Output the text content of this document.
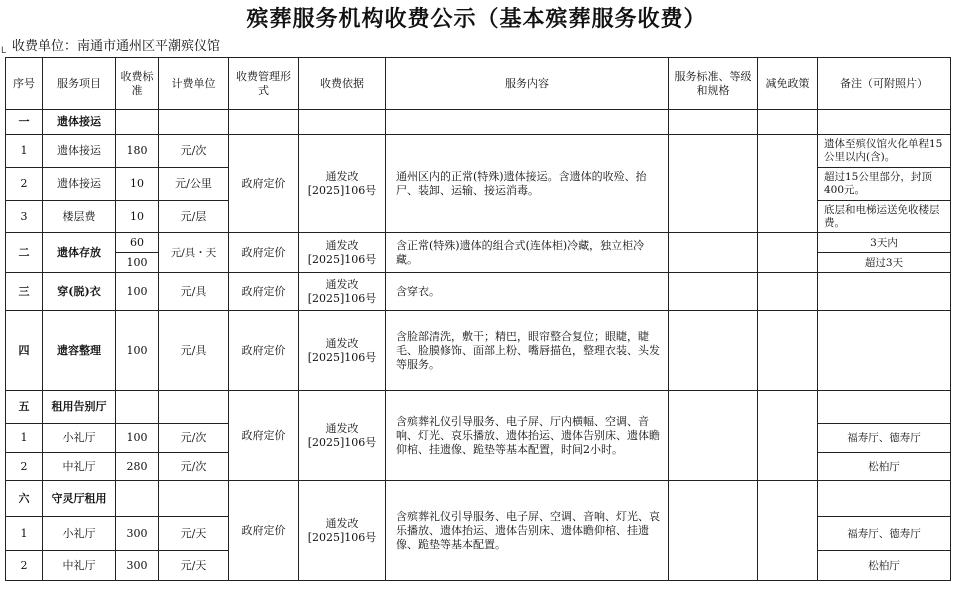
殡葬服务机构收费公示（基本殡葬服务收费）
收费单位：南通市通州区平潮殡仪馆
L
序号	服务项目	收费标准	计费单位	收费管理形式	收费依据	服务内容	服务标准、等级和规格	减免政策	备注（可附照片）
一	遗体接运								
1	遗体接运	180	元/次	政府定价	通发改[2025]106号	通州区内的正常(特殊)遗体接运。含遗体的收殓、抬尸、装卸、运输、接运消毒。			遗体至殡仪馆火化单程15公里以内(含)。
2	遗体接运	10	元/公里						超过15公里部分，封顶400元。
3	楼层费	10	元/层						底层和电梯运送免收楼层费。
二	遗体存放	60	元/具・天	政府定价	通发改[2025]106号	含正常(特殊)遗体的组合式(连体柜)冷藏，独立柜冷藏。			3天内
		100							超过3天
三	穿(脱)衣	100	元/具	政府定价	通发改[2025]106号	含穿衣。			
四	遗容整理	100	元/具	政府定价	通发改[2025]106号	含脸部清洗，敷干；精巴，眼帘整合复位；眼睫，睫毛、脸膜修饰、面部上粉、嘴唇描色，整理衣装、头发等服务。			
五	租用告别厅			政府定价	通发改[2025]106号	含殡葬礼仪引导服务、电子屏、厅内横幅、空调、音响、灯光、哀乐播放、遗体抬运、遗体告别床、遗体瞻仰棺、挂遗像、跪垫等基本配置，时间2小时。			
1	小礼厅	100	元/次						福寿厅、德寿厅
2	中礼厅	280	元/次						松柏厅
六	守灵厅租用			政府定价	通发改[2025]106号	含殡葬礼仪引导服务、电子屏、空调、音响、灯光、哀乐播放、遗体抬运、遗体告别床、遗体瞻仰棺、挂遗像、跪垫等基本配置。			
1	小礼厅	300	元/天						福寿厅、德寿厅
2	中礼厅	300	元/天						松柏厅
